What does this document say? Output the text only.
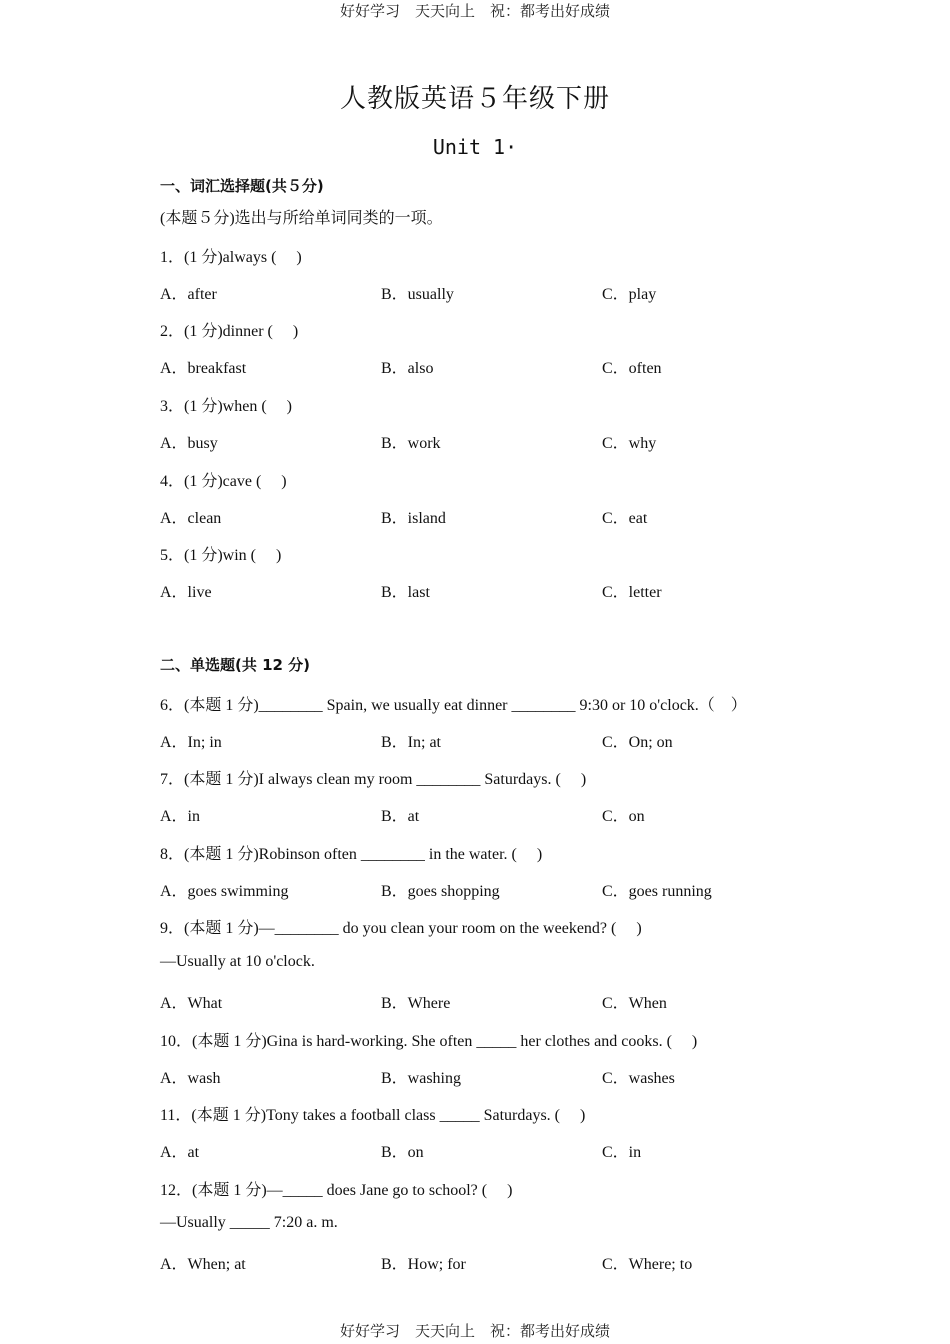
好好学习　天天向上　祝：都考出好成绩
人教版英语５年级下册
Unit 1·
一、词汇选择题(共５分)
(本题５分)选出与所给单词同类的一项。
1．(1 分)always (　 )
A．after	B．usually	C．play
2．(1 分)dinner (　 )
A．breakfast	B．also	C．often
3．(1 分)when (　 )
A．busy	B．work	C．why
4．(1 分)cave (　 )
A．clean	B．island	C．eat
5．(1 分)win (　 )
A．live	B．last	C．letter
二、单选题(共 12 分)
6．(本题 1 分)________ Spain, we usually eat dinner ________ 9:30 or 10 o'clock.（　）
A．In; in	B．In; at	C．On; on
7．(本题 1 分)I always clean my room ________ Saturdays. (　 )
A．in	B．at	C．on
8．(本题 1 分)Robinson often ________ in the water. (　 )
A．goes swimming	B．goes shopping	C．goes running
9．(本题 1 分)—________ do you clean your room on the weekend? (　 )
—Usually at 10 o'clock.
A．What	B．Where	C．When
10．(本题 1 分)Gina is hard-working. She often _____ her clothes and cooks. (　 )
A．wash	B．washing	C．washes
11．(本题 1 分)Tony takes a football class _____ Saturdays. (　 )
A．at	B．on	C．in
12．(本题 1 分)—_____ does Jane go to school? (　 )
—Usually _____ 7:20 a. m.
A．When; at	B．How; for	C．Where; to
好好学习　天天向上　祝：都考出好成绩
